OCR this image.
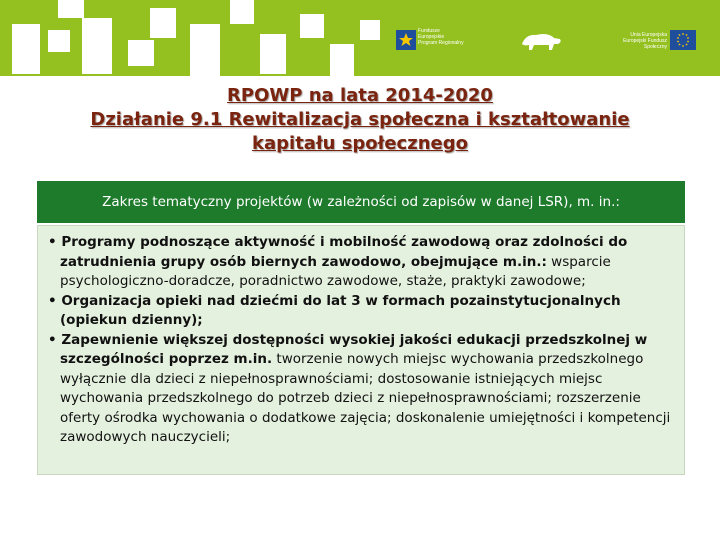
Fundusze
Europejskie
Program Regionalny
Unia Europejska
Europejski Fundusz
Społeczny
RPOWP na lata 2014-2020
Działanie 9.1 Rewitalizacja społeczna i kształtowanie
kapitału społecznego
Zakres tematyczny projektów (w zależności od zapisów w danej LSR), m. in.:

• Programy podnoszące aktywność i mobilność zawodową oraz zdolności do zatrudnienia grupy osób biernych zawodowo, obejmujące m.in.: wsparcie psychologiczno-doradcze, poradnictwo zawodowe, staże, praktyki zawodowe;

• Organizacja opieki nad dziećmi do lat 3 w formach pozainstytucjonalnych (opiekun dzienny);

• Zapewnienie większej dostępności wysokiej jakości edukacji przedszkolnej w szczególności poprzez m.in. tworzenie nowych miejsc wychowania przedszkolnego wyłącznie dla dzieci z niepełnosprawnościami; dostosowanie istniejących miejsc wychowania przedszkolnego do potrzeb dzieci z niepełnosprawnościami; rozszerzenie oferty ośrodka wychowania o dodatkowe zajęcia; doskonalenie umiejętności i kompetencji zawodowych nauczycieli;
